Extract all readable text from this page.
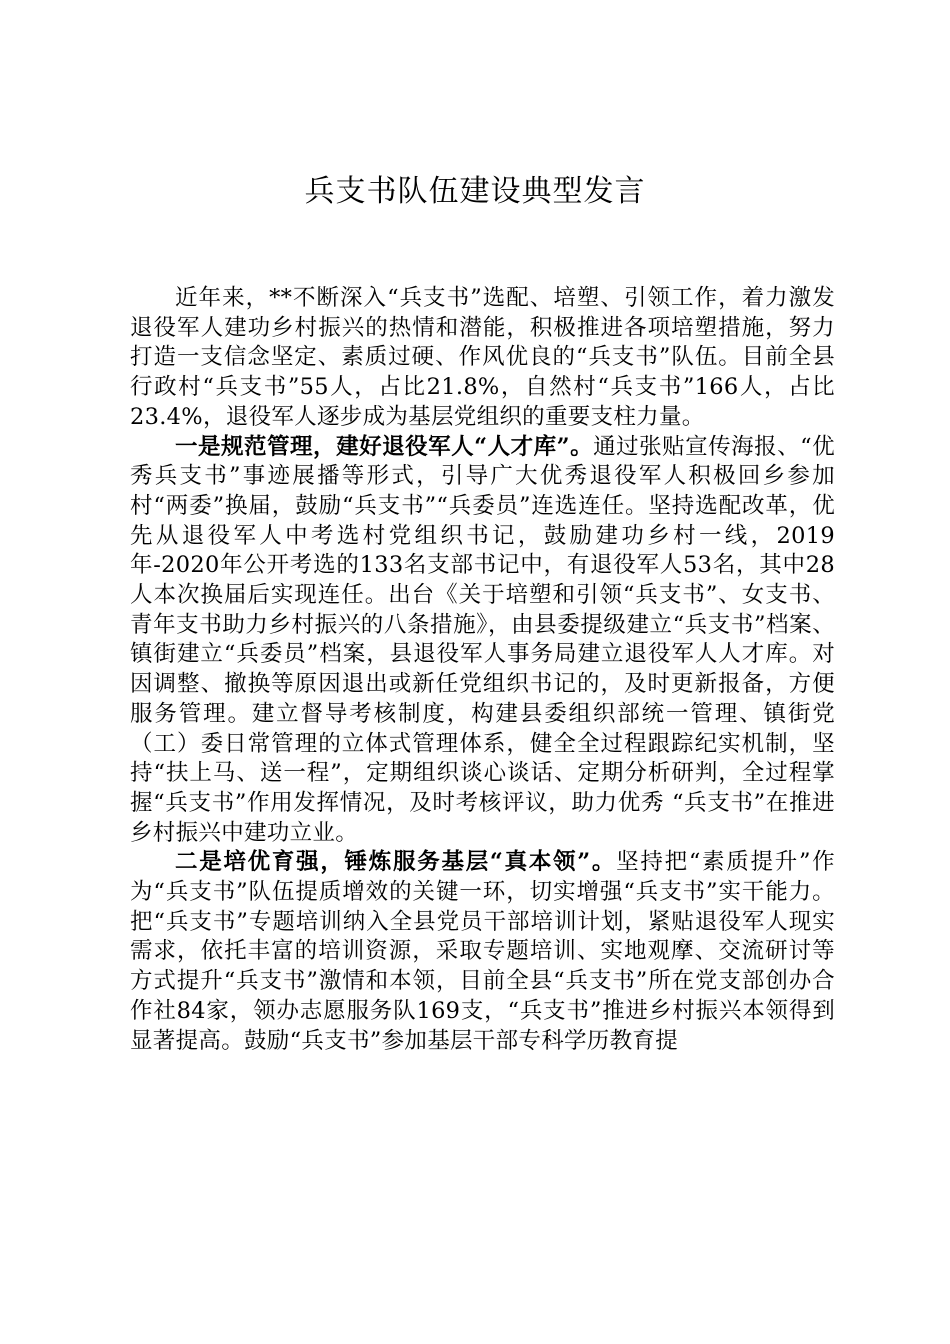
兵支书队伍建设典型发言

近年来，**不断深入“兵支书”选配、培塑、引领工作，着力激发退役军人建功乡村振兴的热情和潜能，积极推进各项培塑措施，努力打造一支信念坚定、素质过硬、作风优良的“兵支书”队伍。目前全县行政村“兵支书”55人，占比21.8%，自然村“兵支书”166人，占比23.4%，退役军人逐步成为基层党组织的重要支柱力量。

一是规范管理，建好退役军人“人才库”。通过张贴宣传海报、“优秀兵支书”事迹展播等形式，引导广大优秀退役军人积极回乡参加村“两委”换届，鼓励“兵支书”“兵委员”连选连任。坚持选配改革，优先从退役军人中考选村党组织书记，鼓励建功乡村一线，2019年-2020年公开考选的133名支部书记中，有退役军人53名，其中28人本次换届后实现连任。出台《关于培塑和引领“兵支书”、女支书、青年支书助力乡村振兴的八条措施》，由县委提级建立“兵支书”档案、镇街建立“兵委员”档案，县退役军人事务局建立退役军人人才库。对因调整、撤换等原因退出或新任党组织书记的，及时更新报备，方便服务管理。建立督导考核制度，构建县委组织部统一管理、镇街党（工）委日常管理的立体式管理体系，健全全过程跟踪纪实机制，坚持“扶上马、送一程”，定期组织谈心谈话、定期分析研判，全过程掌握“兵支书”作用发挥情况，及时考核评议，助力优秀 “兵支书”在推进乡村振兴中建功立业。

二是培优育强，锤炼服务基层“真本领”。坚持把“素质提升”作为“兵支书”队伍提质增效的关键一环，切实增强“兵支书”实干能力。把“兵支书”专题培训纳入全县党员干部培训计划，紧贴退役军人现实需求，依托丰富的培训资源，采取专题培训、实地观摩、交流研讨等方式提升“兵支书”激情和本领，目前全县“兵支书”所在党支部创办合作社84家，领办志愿服务队169支，“兵支书”推进乡村振兴本领得到显著提高。鼓励“兵支书”参加基层干部专科学历教育提
